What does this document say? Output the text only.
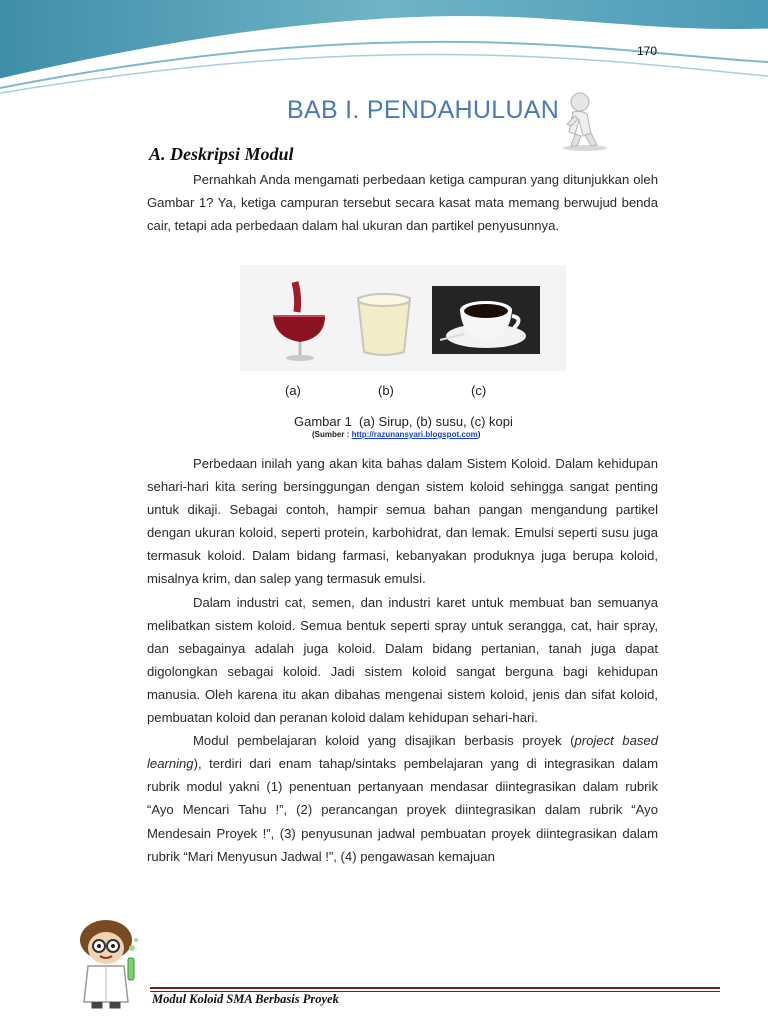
170
BAB I. PENDAHULUAN
A. Deskripsi Modul

Pernahkah Anda mengamati perbedaan ketiga campuran yang ditunjukkan oleh Gambar 1? Ya, ketiga campuran tersebut secara kasat mata memang berwujud benda cair, tetapi ada perbedaan dalam hal ukuran dan partikel penyusunnya.

(a)	(b)	(c)
Gambar 1  (a) Sirup, (b) susu, (c) kopi
(Sumber : http://razunansyari.blogspot.com)

Perbedaan inilah yang akan kita bahas dalam Sistem Koloid. Dalam kehidupan sehari-hari kita sering bersinggungan dengan sistem koloid sehingga sangat penting untuk dikaji. Sebagai contoh, hampir semua bahan pangan mengandung partikel dengan ukuran koloid, seperti protein, karbohidrat, dan lemak. Emulsi seperti susu juga termasuk koloid. Dalam bidang farmasi, kebanyakan produknya juga berupa koloid, misalnya krim, dan salep yang termasuk emulsi.

Dalam industri cat, semen, dan industri karet untuk membuat ban semuanya melibatkan sistem koloid. Semua bentuk seperti spray untuk serangga, cat, hair spray, dan sebagainya adalah juga koloid. Dalam bidang pertanian, tanah juga dapat digolongkan sebagai koloid. Jadi sistem koloid sangat berguna bagi kehidupan manusia. Oleh karena itu akan dibahas mengenai sistem koloid, jenis dan sifat koloid, pembuatan koloid dan peranan koloid dalam kehidupan sehari-hari.

Modul pembelajaran koloid yang disajikan berbasis proyek (project based learning), terdiri dari enam tahap/sintaks pembelajaran yang di integrasikan dalam rubrik modul yakni (1) penentuan pertanyaan mendasar diintegrasikan dalam rubrik “Ayo Mencari Tahu !”, (2) perancangan proyek diintegrasikan dalam rubrik “Ayo Mendesain Proyek !”, (3) penyusunan jadwal pembuatan proyek diintegrasikan dalam rubrik “Mari Menyusun Jadwal !”, (4) pengawasan kemajuan

Modul Koloid SMA Berbasis Proyek
